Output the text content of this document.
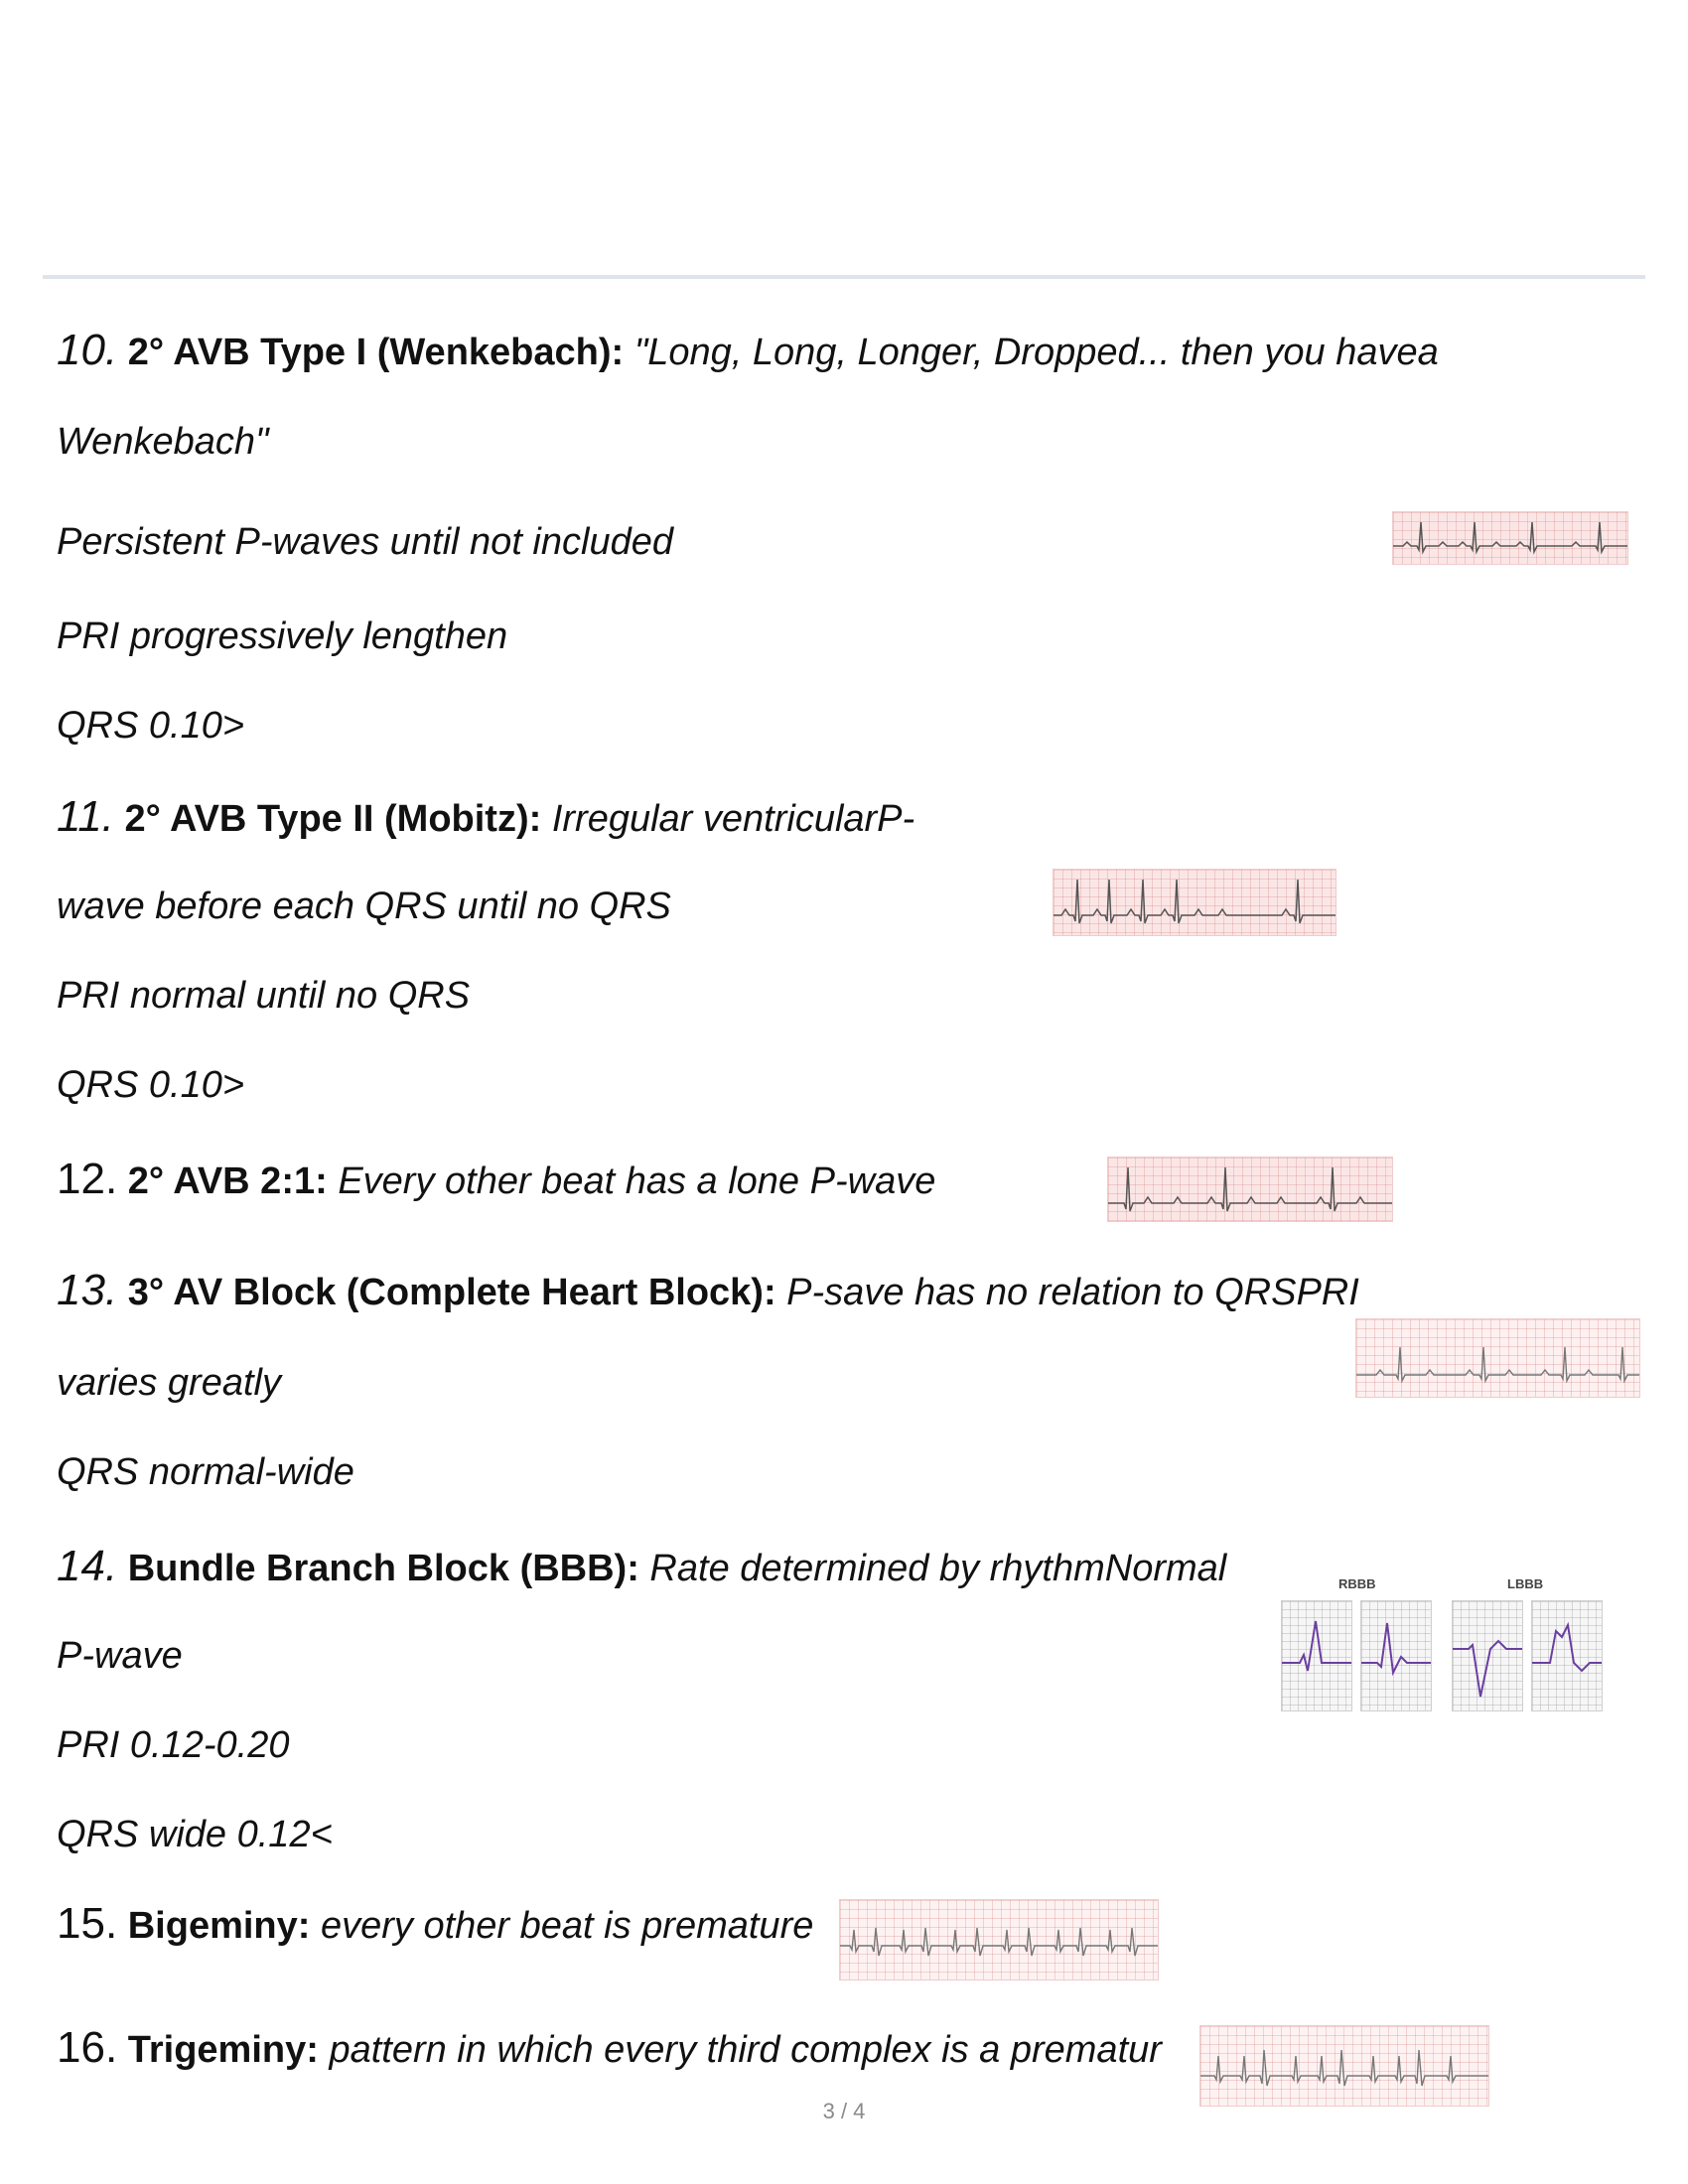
10. 2° AVB Type I (Wenkebach): "Long, Long, Longer, Dropped... then you havea
Wenkebach"
Persistent P-waves until not included
PRI progressively lengthen
QRS 0.10>
11. 2° AVB Type II (Mobitz): Irregular ventricularP-
wave before each QRS until no QRS
PRI normal until no QRS
QRS 0.10>
12. 2° AVB 2:1: Every other beat has a lone P-wave
13. 3° AV Block (Complete Heart Block): P-save has no relation to QRSPRI
varies greatly
QRS normal-wide
14. Bundle Branch Block (BBB): Rate determined by rhythmNormal
P-wave
PRI 0.12-0.20
QRS wide 0.12<
RBBB	LBBB
15. Bigeminy: every other beat is premature
16. Trigeminy: pattern in which every third complex is a prematur
3 / 4
